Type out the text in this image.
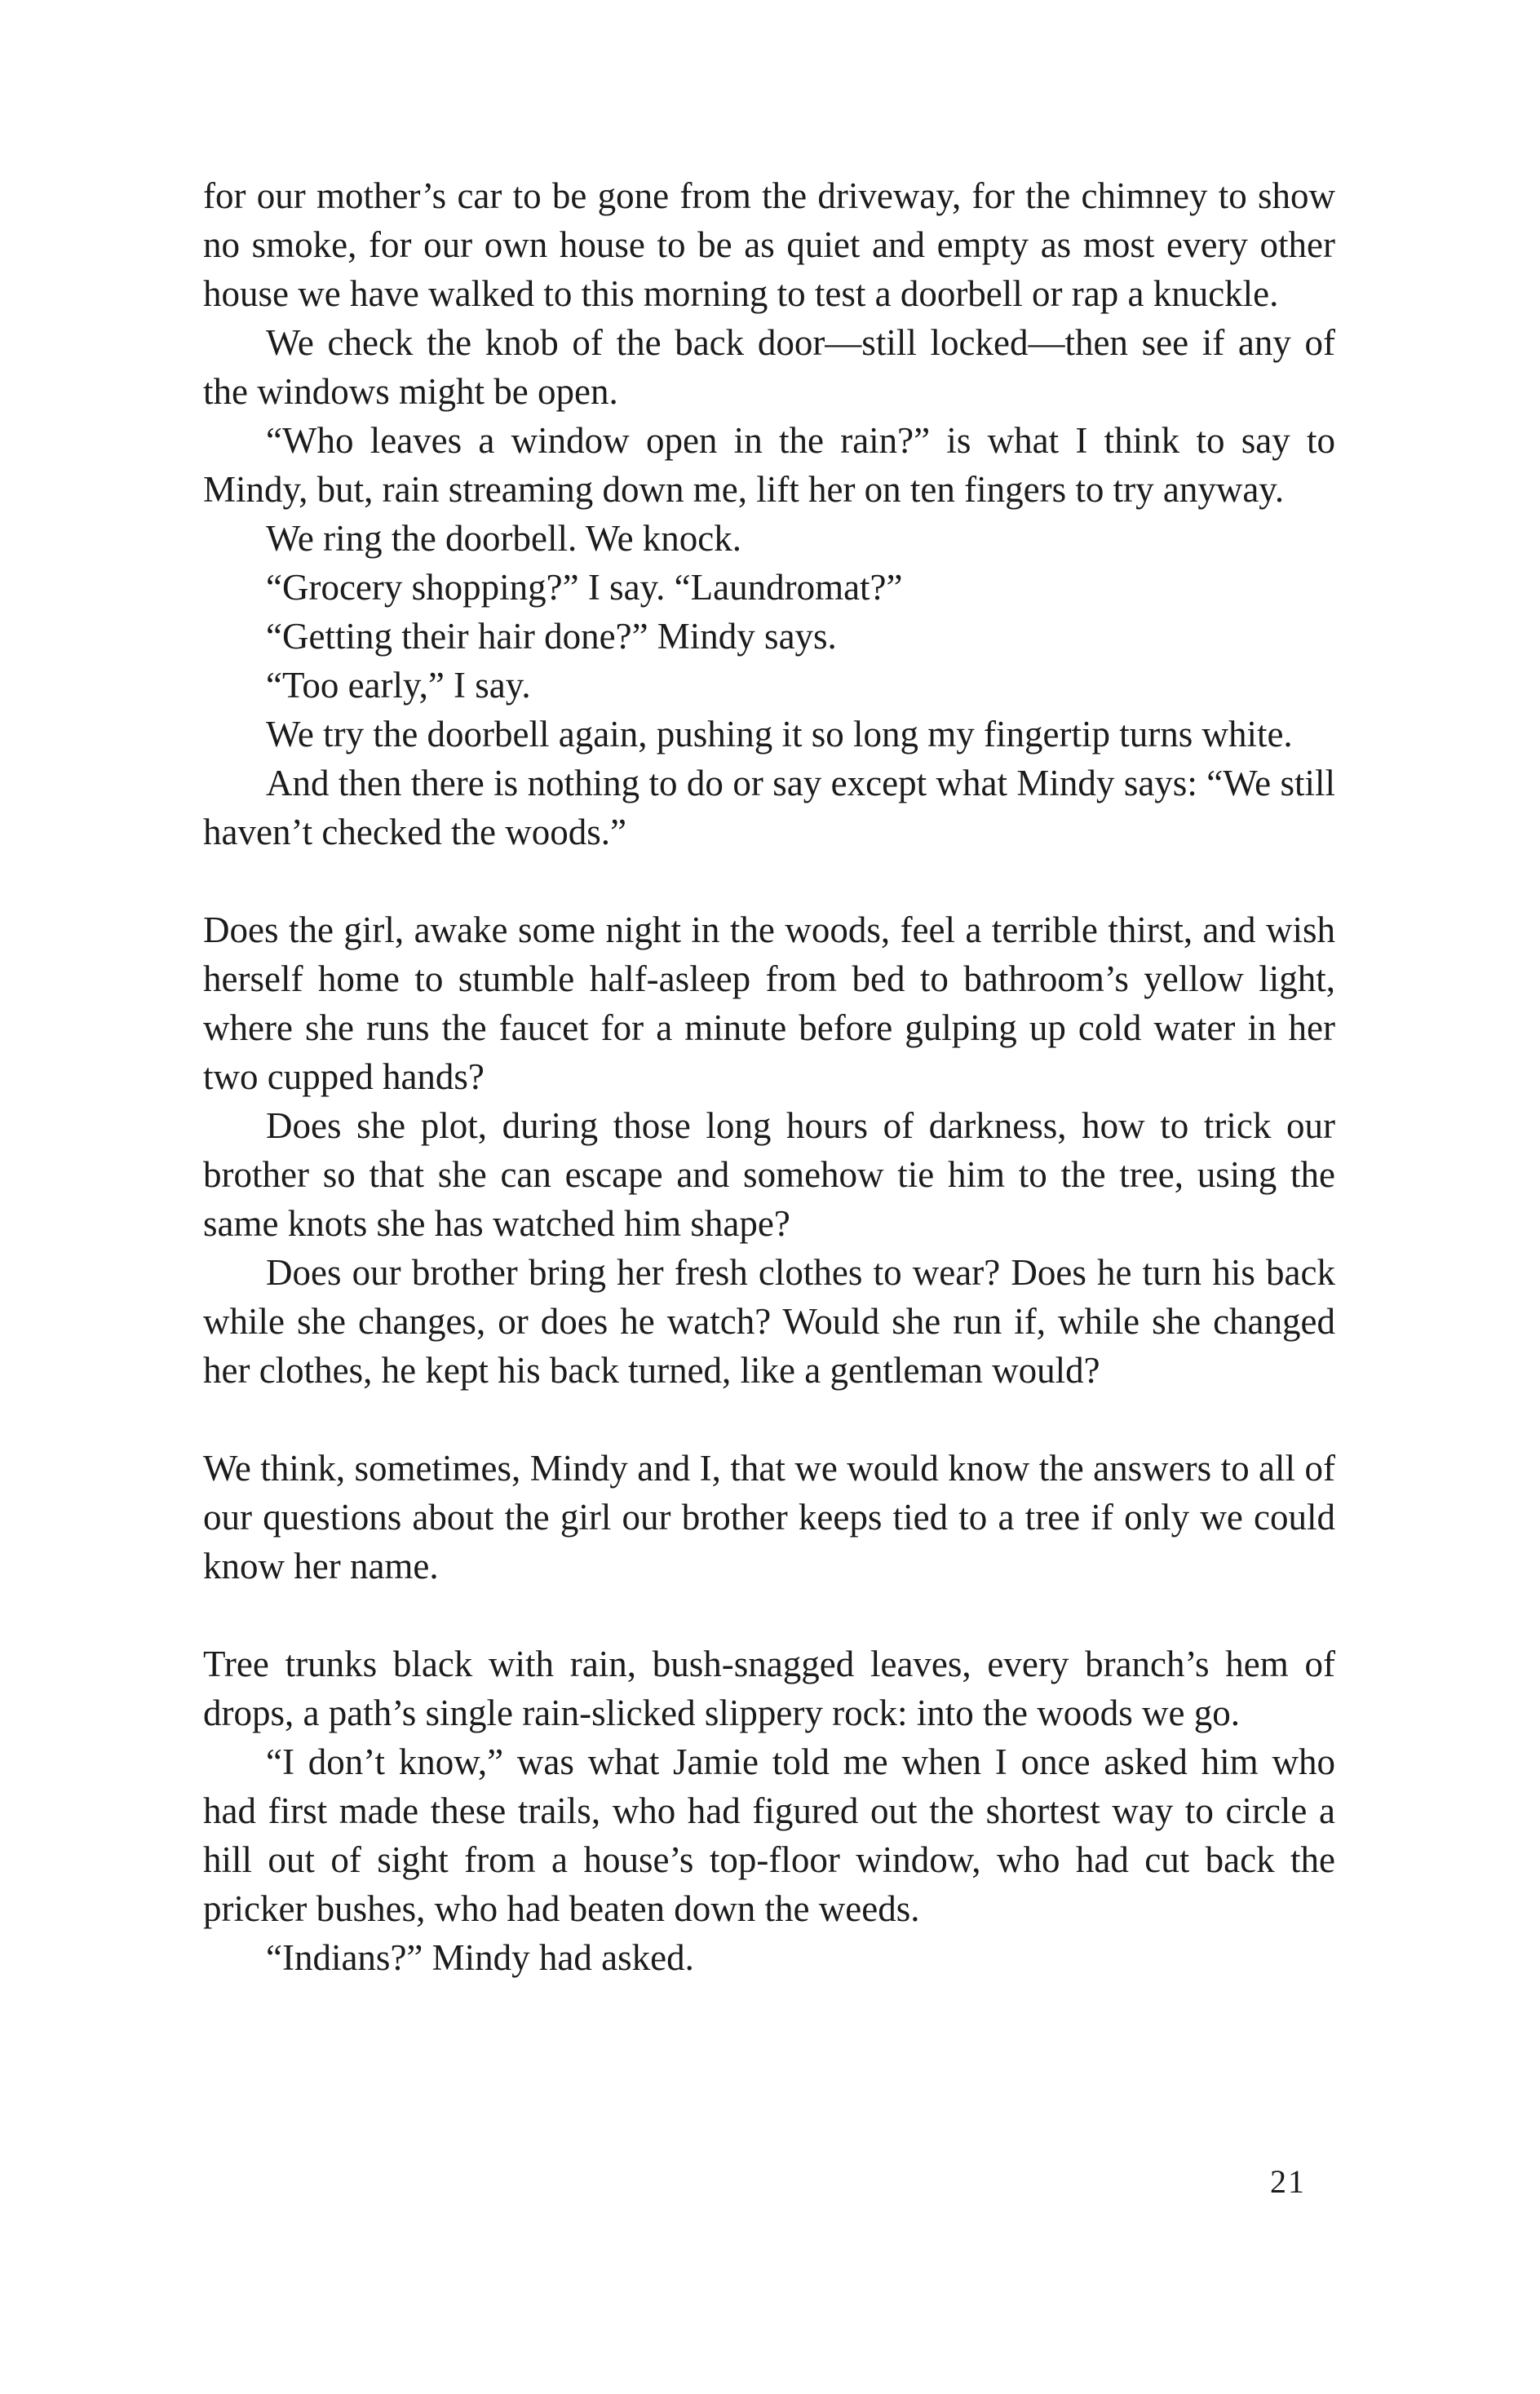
for our mother’s car to be gone from the driveway, for the chimney to show no smoke, for our own house to be as quiet and empty as most every other house we have walked to this morning to test a doorbell or rap a knuckle.

We check the knob of the back door—still locked—then see if any of the windows might be open.

“Who leaves a window open in the rain?” is what I think to say to Mindy, but, rain streaming down me, lift her on ten fingers to try anyway.

We ring the doorbell. We knock.

“Grocery shopping?” I say. “Laundromat?”

“Getting their hair done?” Mindy says.

“Too early,” I say.

We try the doorbell again, pushing it so long my fingertip turns white.

And then there is nothing to do or say except what Mindy says: “We still haven’t checked the woods.”

Does the girl, awake some night in the woods, feel a terrible thirst, and wish herself home to stumble half-asleep from bed to bathroom’s yellow light, where she runs the faucet for a minute before gulping up cold water in her two cupped hands?

Does she plot, during those long hours of darkness, how to trick our brother so that she can escape and somehow tie him to the tree, using the same knots she has watched him shape?

Does our brother bring her fresh clothes to wear? Does he turn his back while she changes, or does he watch? Would she run if, while she changed her clothes, he kept his back turned, like a gentleman would?

We think, sometimes, Mindy and I, that we would know the answers to all of our questions about the girl our brother keeps tied to a tree if only we could know her name.

Tree trunks black with rain, bush-snagged leaves, every branch’s hem of drops, a path’s single rain-slicked slippery rock: into the woods we go.

“I don’t know,” was what Jamie told me when I once asked him who had first made these trails, who had figured out the shortest way to circle a hill out of sight from a house’s top-floor window, who had cut back the pricker bushes, who had beaten down the weeds.

“Indians?” Mindy had asked.

21
